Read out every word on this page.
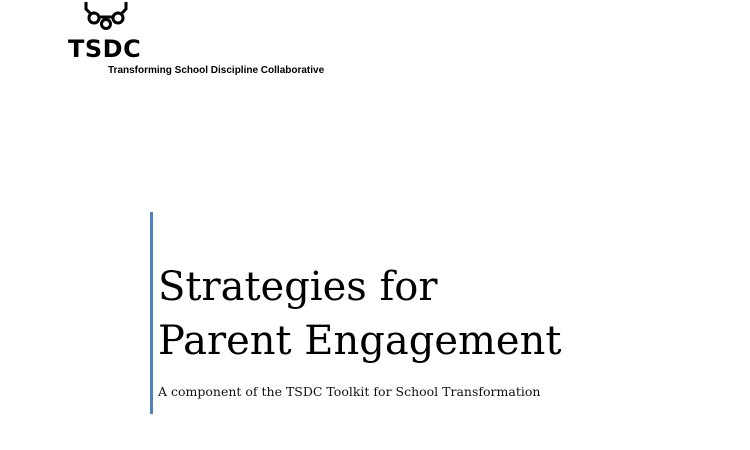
TSDC
Transforming School Discipline Collaborative
Strategies for
Parent Engagement

A component of the TSDC Toolkit for School Transformation
